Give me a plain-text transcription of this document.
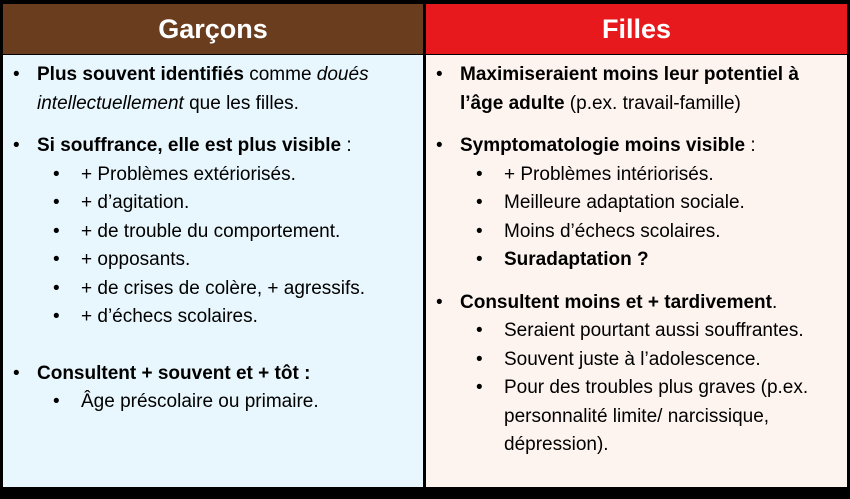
Garçons	Filles
• Plus souvent identifiés comme doués intellectuellement que les filles.
• Si souffrance, elle est plus visible :
• + Problèmes extériorisés.
• + d’agitation.
• + de trouble du comportement.
• + opposants.
• + de crises de colère, + agressifs.
• + d’échecs scolaires.
• Consultent + souvent et + tôt :
• Âge préscolaire ou primaire.
• Maximiseraient moins leur potentiel à l’âge adulte (p.ex. travail-famille)
• Symptomatologie moins visible :
• + Problèmes intériorisés.
• Meilleure adaptation sociale.
• Moins d’échecs scolaires.
• Suradaptation ?
• Consultent moins et + tardivement.
• Seraient pourtant aussi souffrantes.
• Souvent juste à l’adolescence.
• Pour des troubles plus graves (p.ex. personnalité limite/ narcissique, dépression).
